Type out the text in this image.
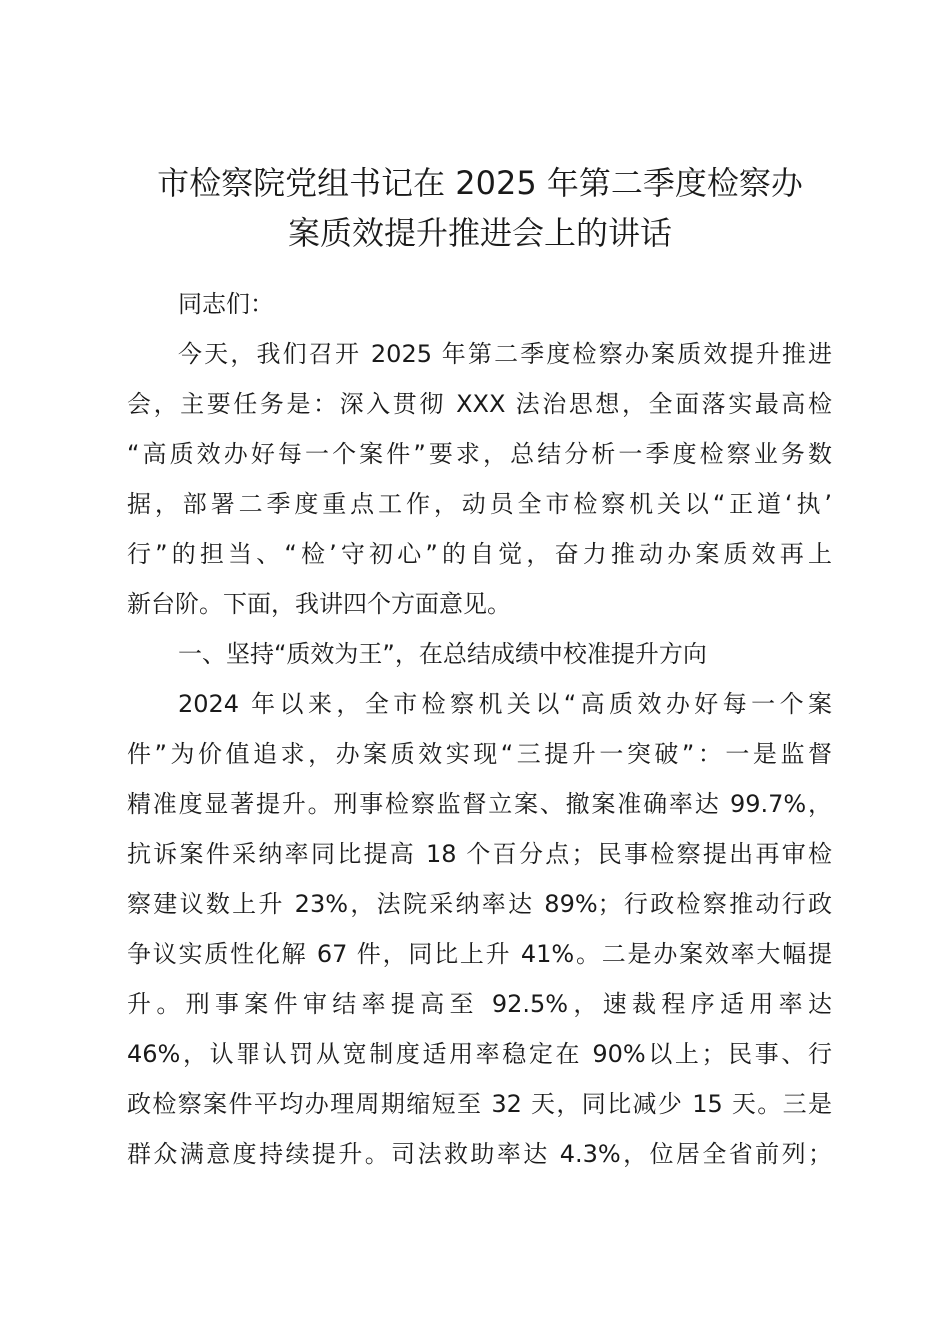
市检察院党组书记在 2025 年第二季度检察办
案质效提升推进会上的讲话
同志们：
今天，我们召开 2025 年第二季度检察办案质效提升推进
会，主要任务是：深入贯彻 XXX 法治思想，全面落实最高检
“高质效办好每一个案件”要求，总结分析一季度检察业务数
据，部署二季度重点工作，动员全市检察机关以“正道‘执’
行”的担当、“检’守初心”的自觉，奋力推动办案质效再上
新台阶。下面，我讲四个方面意见。
一、坚持“质效为王”，在总结成绩中校准提升方向
2024 年以来，全市检察机关以“高质效办好每一个案
件”为价值追求，办案质效实现“三提升一突破”：一是监督
精准度显著提升。刑事检察监督立案、撤案准确率达 99.7%，
抗诉案件采纳率同比提高 18 个百分点；民事检察提出再审检
察建议数上升 23%，法院采纳率达 89%；行政检察推动行政
争议实质性化解 67 件，同比上升 41%。二是办案效率大幅提
升。刑事案件审结率提高至 92.5%，速裁程序适用率达
46%，认罪认罚从宽制度适用率稳定在 90%以上；民事、行
政检察案件平均办理周期缩短至 32 天，同比减少 15 天。三是
群众满意度持续提升。司法救助率达 4.3%，位居全省前列；
